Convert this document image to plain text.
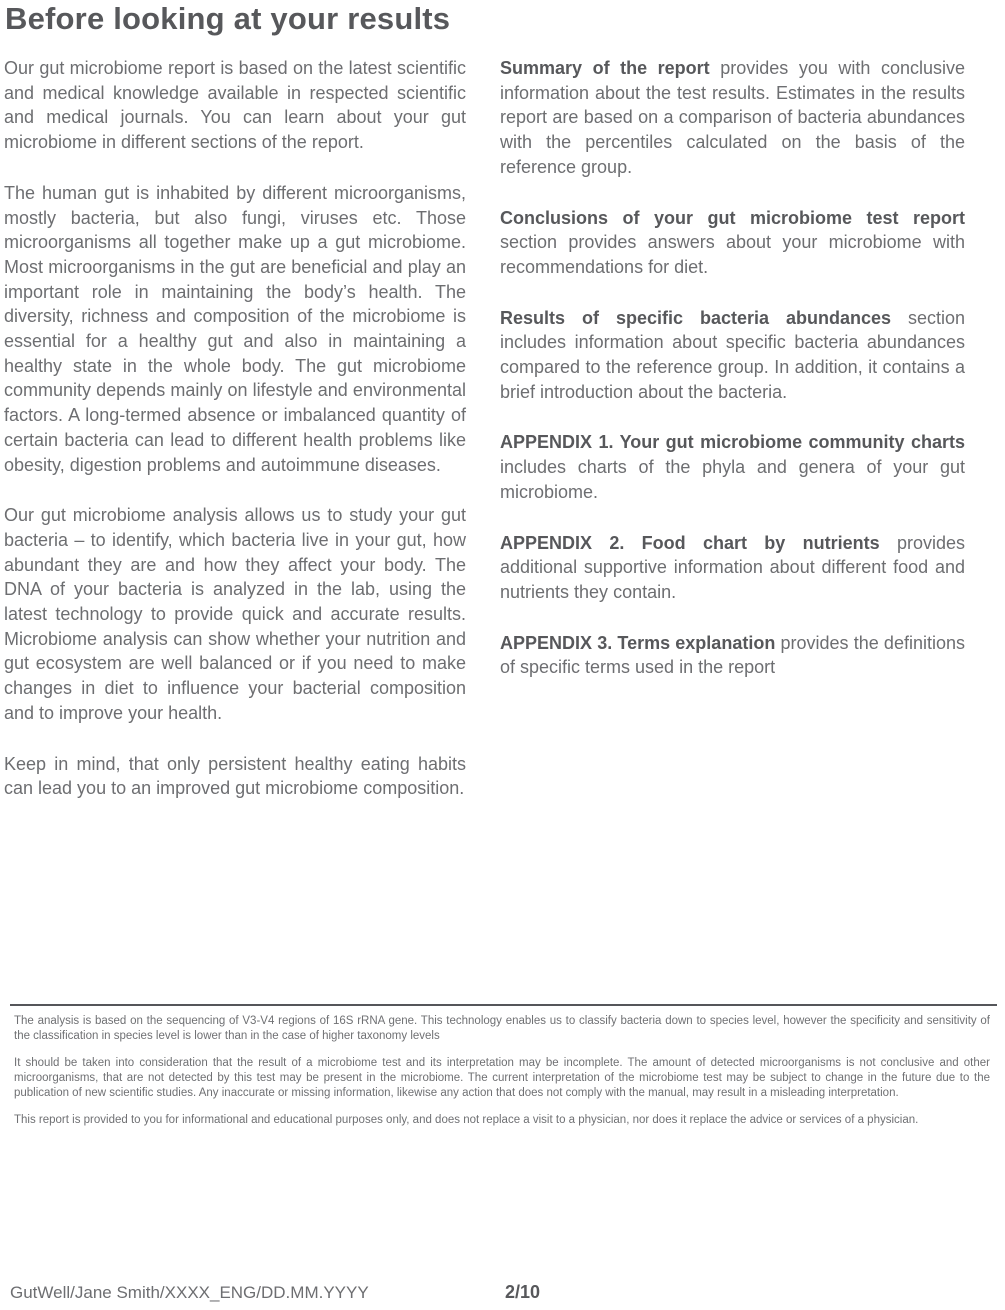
Before looking at your results

Our gut microbiome report is based on the latest scientific and medical knowledge available in respected scientific and medical journals. You can learn about your gut microbiome in different sections of the report.

The human gut is inhabited by different microorganisms, mostly bacteria, but also fungi, viruses etc. Those microorganisms all together make up a gut microbiome. Most microorganisms in the gut are beneficial and play an important role in maintaining the body’s health. The diversity, richness and composition of the microbiome is essential for a healthy gut and also in maintaining a healthy state in the whole body. The gut microbiome community depends mainly on lifestyle and environmental factors. A long-termed absence or imbalanced quantity of certain bacteria can lead to different health problems like obesity, digestion problems and autoimmune diseases.

Our gut microbiome analysis allows us to study your gut bacteria – to identify, which bacteria live in your gut, how abundant they are and how they affect your body. The DNA of your bacteria is analyzed in the lab, using the latest technology to provide quick and accurate results. Microbiome analysis can show whether your nutrition and gut ecosystem are well balanced or if you need to make changes in diet to influence your bacterial composition and to improve your health.

Keep in mind, that only persistent healthy eating habits can lead you to an improved gut microbiome composition.

Summary of the report provides you with conclusive information about the test results. Estimates in the results report are based on a comparison of bacteria abundances with the percentiles calculated on the basis of the reference group.

Conclusions of your gut microbiome test report section provides answers about your microbiome with recommendations for diet.

Results of specific bacteria abundances section includes information about specific bacteria abundances compared to the reference group. In addition, it contains a brief introduction about the bacteria.

APPENDIX 1. Your gut microbiome community charts includes charts of the phyla and genera of your gut microbiome.

APPENDIX 2. Food chart by nutrients provides additional supportive information about different food and nutrients they contain.

APPENDIX 3. Terms explanation provides the definitions of specific terms used in the report

The analysis is based on the sequencing of V3-V4 regions of 16S rRNA gene. This technology enables us to classify bacteria down to species level, however the specificity and sensitivity of the classification in species level is lower than in the case of higher taxonomy levels

It should be taken into consideration that the result of a microbiome test and its interpretation may be incomplete. The amount of detected microorganisms is not conclusive and other microorganisms, that are not detected by this test may be present in the microbiome. The current interpretation of the microbiome test may be subject to change in the future due to the publication of new scientific studies. Any inaccurate or missing information, likewise any action that does not comply with the manual, may result in a misleading interpretation.

This report is provided to you for informational and educational purposes only, and does not replace a visit to a physician, nor does it replace the advice or services of a physician.

GutWell/Jane Smith/XXXX_ENG/DD.MM.YYYY	2/10
